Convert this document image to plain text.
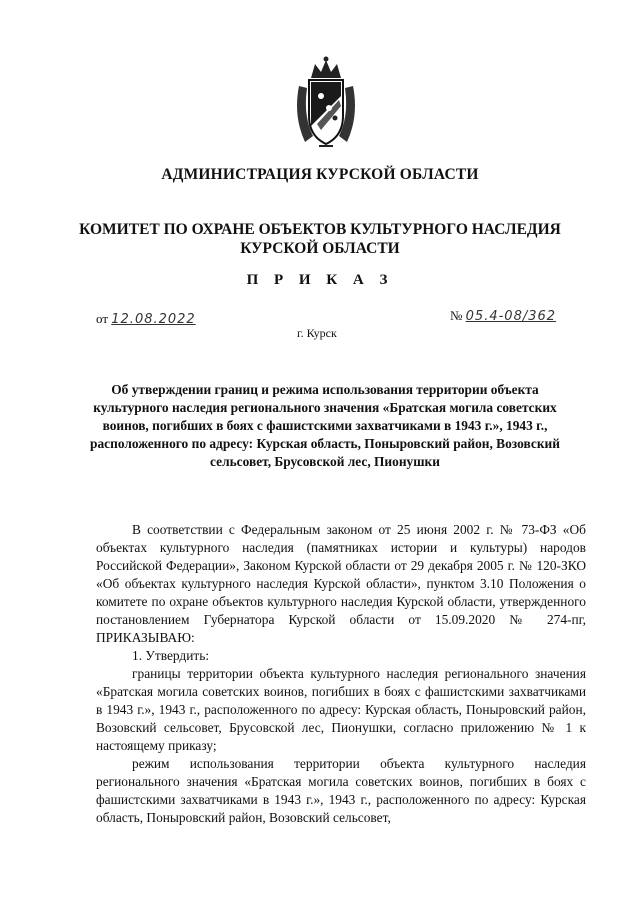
АДМИНИСТРАЦИЯ КУРСКОЙ ОБЛАСТИ
КОМИТЕТ ПО ОХРАНЕ ОБЪЕКТОВ КУЛЬТУРНОГО НАСЛЕДИЯ
КУРСКОЙ ОБЛАСТИ
П Р И К А З
от 12.08.2022	№ 05.4-08/362
г. Курск
Об утверждении границ и режима использования территории объекта культурного наследия регионального значения «Братская могила советских воинов, погибших в боях с фашистскими захватчиками в 1943 г.», 1943 г., расположенного по адресу: Курская область, Поныровский район, Возовский сельсовет, Брусовской лес, Пионушки

В соответствии с Федеральным законом от 25 июня 2002 г. № 73-ФЗ «Об объектах культурного наследия (памятниках истории и культуры) народов Российской Федерации», Законом Курской области от 29 декабря 2005 г. № 120-ЗКО «Об объектах культурного наследия Курской области», пунктом 3.10 Положения о комитете по охране объектов культурного наследия Курской области, утвержденного постановлением Губернатора Курской области от 15.09.2020 № 274-пг, ПРИКАЗЫВАЮ:

1. Утвердить:

границы территории объекта культурного наследия регионального значения «Братская могила советских воинов, погибших в боях с фашистскими захватчиками в 1943 г.», 1943 г., расположенного по адресу: Курская область, Поныровский район, Возовский сельсовет, Брусовской лес, Пионушки, согласно приложению № 1 к настоящему приказу;

режим использования территории объекта культурного наследия регионального значения «Братская могила советских воинов, погибших в боях с фашистскими захватчиками в 1943 г.», 1943 г., расположенного по адресу: Курская область, Поныровский район, Возовский сельсовет,
